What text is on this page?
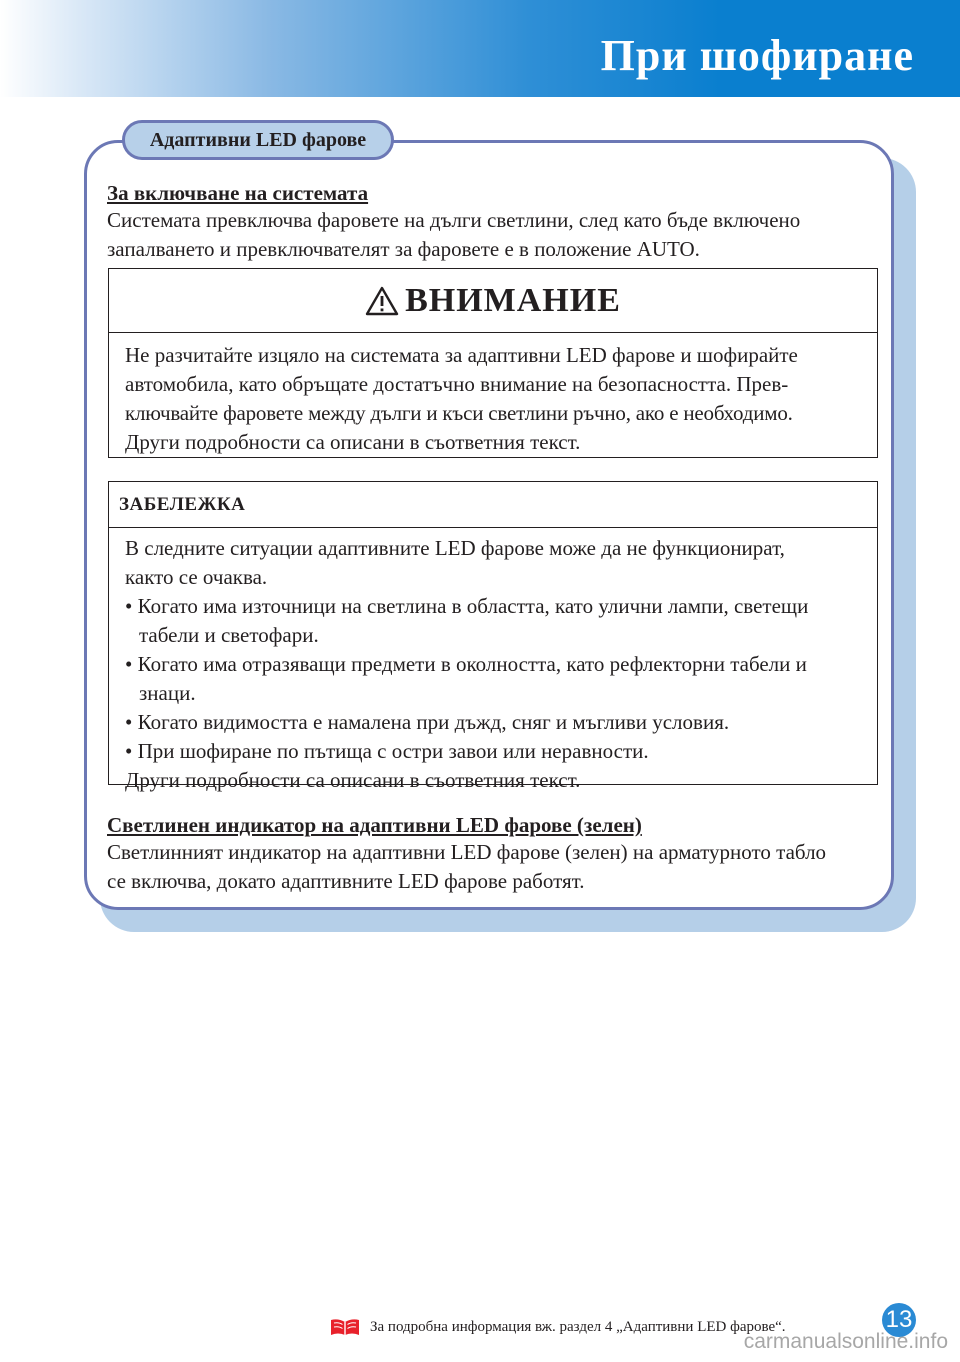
При шофиране
Адаптивни LED фарове
За включване на системата
Системата превключва фаровете на дълги светлини, след като бъде включено запалването и превключвателят за фаровете е в положение AUTO.
ВНИМАНИЕ
Не разчитайте изцяло на системата за адаптивни LED фарове и шофирайте
автомобила, като обръщате достатъчно внимание на безопасността. Прев-
ключвайте фаровете между дълги и къси светлини ръчно, ако е необходимо.
Други подробности са описани в съответния текст.
ЗАБЕЛЕЖКА
В следните ситуации адаптивните LED фарове може да не функционират, както се очаква.
• Когато има източници на светлина в областта, като улични лампи, светещи табели и светофари.
• Когато има отразяващи предмети в околността, като рефлекторни табели и знаци.
• Когато видимостта е намалена при дъжд, сняг и мъгливи условия.
• При шофиране по пътища с остри завои или неравности.
Други подробности са описани в съответния текст.
Светлинен индикатор на адаптивни LED фарове (зелен)
Светлинният индикатор на адаптивни LED фарове (зелен) на арматурното табло се включва, докато адаптивните LED фарове работят.
За подробна информация вж. раздел 4 „Адаптивни LED фарове“.	13
carmanualsonline.info
